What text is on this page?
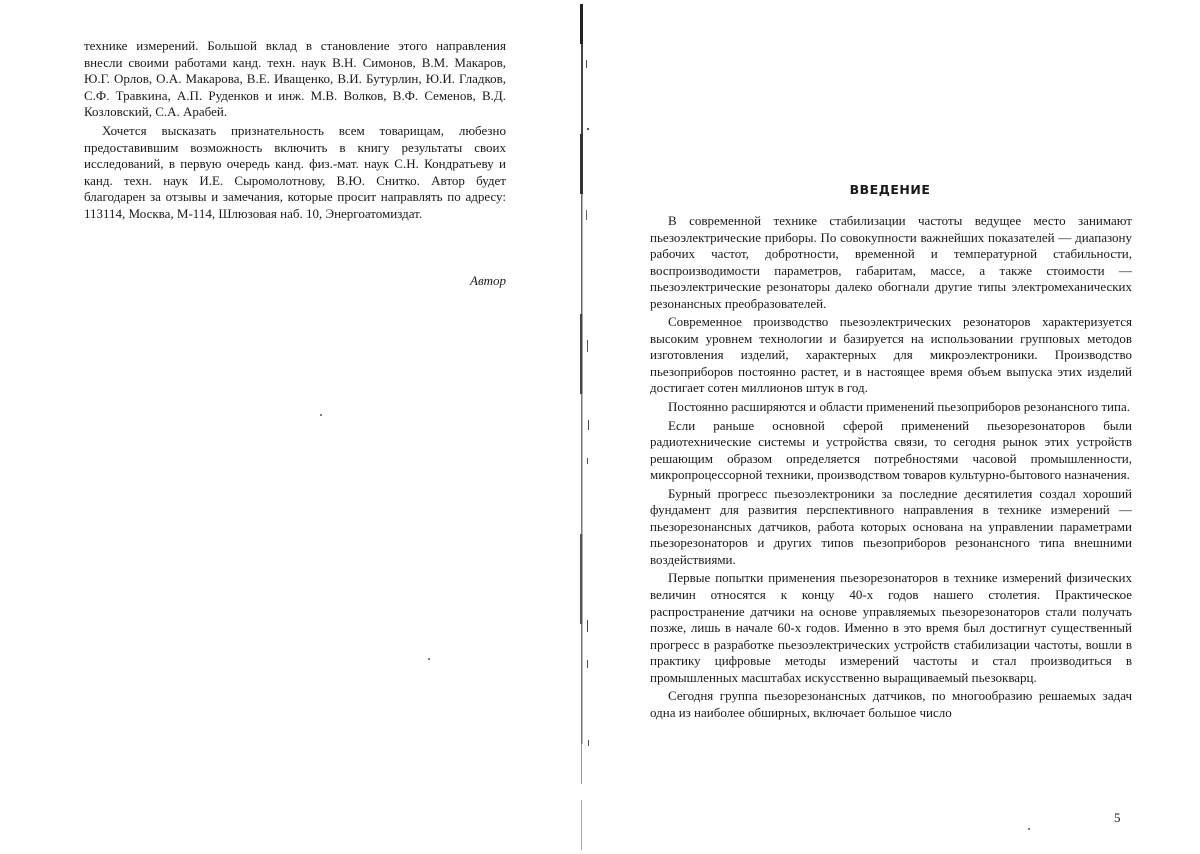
технике измерений. Большой вклад в становление этого направления внесли своими работами канд. техн. наук В.Н. Симонов, В.М. Макаров, Ю.Г. Орлов, О.А. Макарова, В.Е. Иващенко, В.И. Бутурлин, Ю.И. Гладков, С.Ф. Травкина, А.П. Руденков и инж. М.В. Волков, В.Ф. Семенов, В.Д. Козловский, С.А. Арабей.

Хочется высказать признательность всем товарищам, любезно предоставившим возможность включить в книгу результаты своих исследований, в первую очередь канд. физ.-мат. наук С.Н. Кондратьеву и канд. техн. наук И.Е. Сыромолотнову, В.Ю. Снитко. Автор будет благодарен за отзывы и замечания, которые просит направлять по адресу: 113114, Москва, М-114, Шлюзовая наб. 10, Энергоатомиздат.

Автор
ВВЕДЕНИЕ

В современной технике стабилизации частоты ведущее место занимают пьезоэлектрические приборы. По совокупности важнейших показателей — диапазону рабочих частот, добротности, временной и температурной стабильности, воспроизводимости параметров, габаритам, массе, а также стоимости — пьезоэлектрические резонаторы далеко обогнали другие типы электромеханических резонансных преобразователей.

Современное производство пьезоэлектрических резонаторов характеризуется высоким уровнем технологии и базируется на использовании групповых методов изготовления изделий, характерных для микроэлектроники. Производство пьезоприборов постоянно растет, и в настоящее время объем выпуска этих изделий достигает сотен миллионов штук в год.

Постоянно расширяются и области применений пьезоприборов резонансного типа.

Если раньше основной сферой применений пьезорезонаторов были радиотехнические системы и устройства связи, то сегодня рынок этих устройств решающим образом определяется потребностями часовой промышленности, микропроцессорной техники, производством товаров культурно-бытового назначения.

Бурный прогресс пьезоэлектроники за последние десятилетия создал хороший фундамент для развития перспективного направления в технике измерений — пьезорезонансных датчиков, работа которых основана на управлении параметрами пьезорезонаторов и других типов пьезоприборов резонансного типа внешними воздействиями.

Первые попытки применения пьезорезонаторов в технике измерений физических величин относятся к концу 40-х годов нашего столетия. Практическое распространение датчики на основе управляемых пьезорезонаторов стали получать позже, лишь в начале 60-х годов. Именно в это время был достигнут существенный прогресс в разработке пьезоэлектрических устройств стабилизации частоты, вошли в практику цифровые методы измерений частоты и стал производиться в промышленных масштабах искусственно выращиваемый пьезокварц.

Сегодня группа пьезорезонансных датчиков, по многообразию решаемых задач одна из наиболее обширных, включает большое число

5
